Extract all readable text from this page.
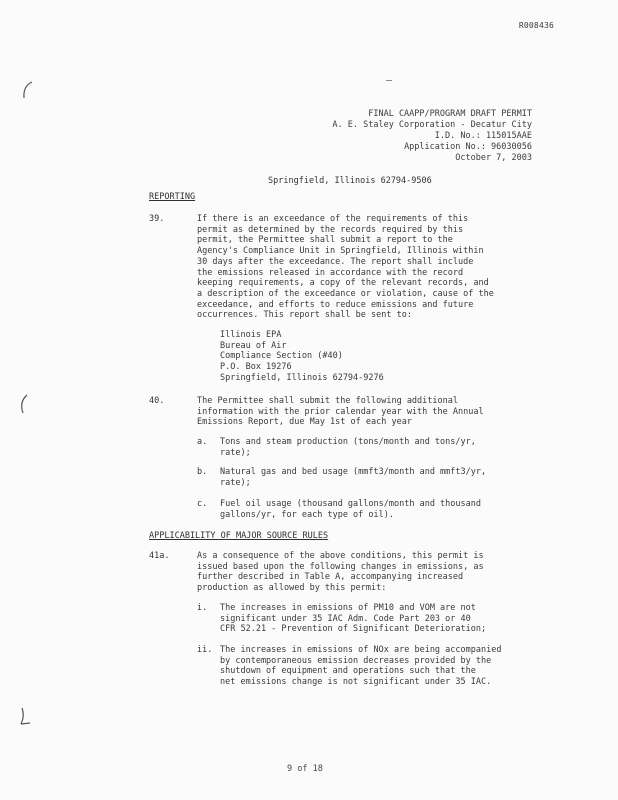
R008436
FINAL CAAPP/PROGRAM DRAFT PERMIT
A. E. Staley Corporation - Decatur City
I.D. No.: 115015AAE
Application No.: 96030056
October 7, 2003
Springfield, Illinois 62794-9506
REPORTING
39.	If there is an exceedance of the requirements of this
permit as determined by the records required by this
permit, the Permittee shall submit a report to the
Agency's Compliance Unit in Springfield, Illinois within
30 days after the exceedance. The report shall include
the emissions released in accordance with the record
keeping requirements, a copy of the relevant records, and
a description of the exceedance or violation, cause of the
exceedance, and efforts to reduce emissions and future
occurrences. This report shall be sent to:
Illinois EPA
Bureau of Air
Compliance Section (#40)
P.O. Box 19276
Springfield, Illinois 62794-9276
40.	The Permittee shall submit the following additional
information with the prior calendar year with the Annual
Emissions Report, due May 1st of each year
a. Tons and steam production (tons/month and tons/yr,
rate);
b. Natural gas and bed usage (mmft3/month and mmft3/yr,
rate);
c. Fuel oil usage (thousand gallons/month and thousand
gallons/yr, for each type of oil).
APPLICABILITY OF MAJOR SOURCE RULES
41a.	As a consequence of the above conditions, this permit is
issued based upon the following changes in emissions, as
further described in Table A, accompanying increased
production as allowed by this permit:
i. The increases in emissions of PM10 and VOM are not
significant under 35 IAC Adm. Code Part 203 or 40
CFR 52.21 - Prevention of Significant Deterioration;
ii. The increases in emissions of NOx are being accompanied
by contemporaneous emission decreases provided by the
shutdown of equipment and operations such that the
net emissions change is not significant under 35 IAC.
9 of 18
